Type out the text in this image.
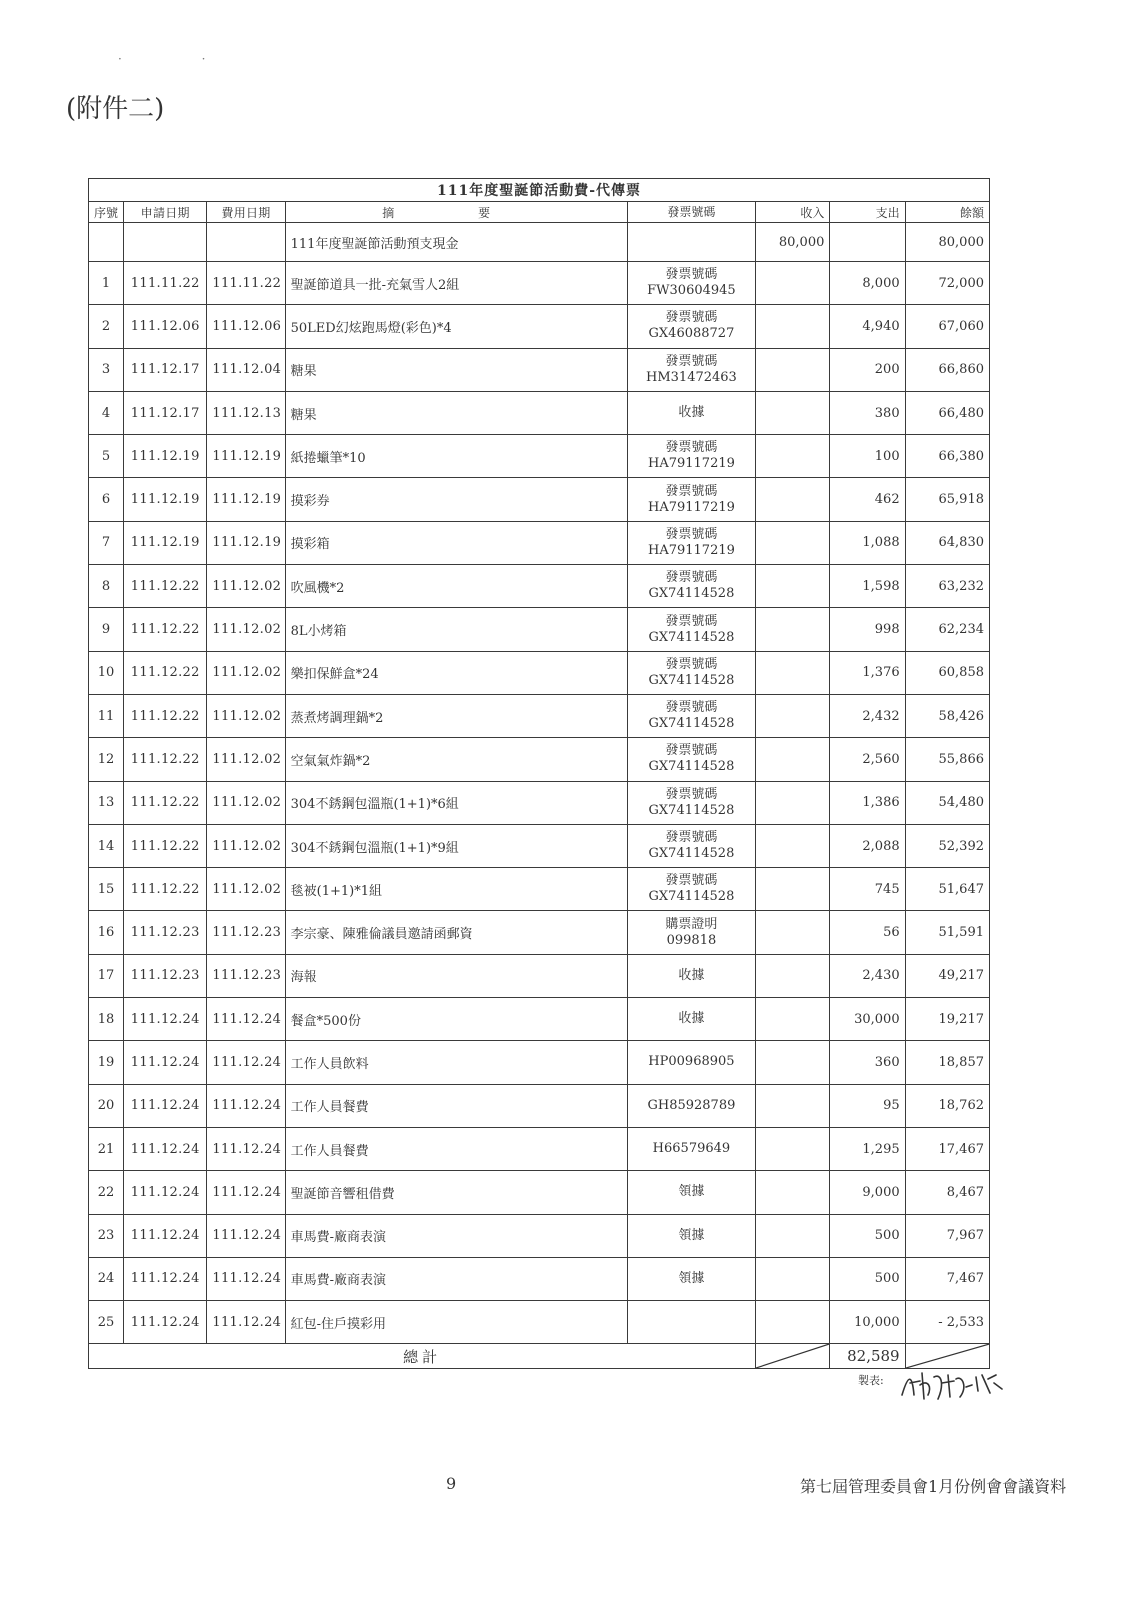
· ·
(附件二)
111年度聖誕節活動費-代傳票							
序號	申請日期	費用日期	摘 要	發票號碼	收入	支出	餘額
			111年度聖誕節活動預支現金		80,000		80,000
1	111.11.22	111.11.22	聖誕節道具一批-充氣雪人2組	發票號碼
FW30604945		8,000	72,000
2	111.12.06	111.12.06	50LED幻炫跑馬燈(彩色)*4	發票號碼
GX46088727		4,940	67,060
3	111.12.17	111.12.04	糖果	發票號碼
HM31472463		200	66,860
4	111.12.17	111.12.13	糖果	收據		380	66,480
5	111.12.19	111.12.19	紙捲蠟筆*10	發票號碼
HA79117219		100	66,380
6	111.12.19	111.12.19	摸彩券	發票號碼
HA79117219		462	65,918
7	111.12.19	111.12.19	摸彩箱	發票號碼
HA79117219		1,088	64,830
8	111.12.22	111.12.02	吹風機*2	發票號碼
GX74114528		1,598	63,232
9	111.12.22	111.12.02	8L小烤箱	發票號碼
GX74114528		998	62,234
10	111.12.22	111.12.02	樂扣保鮮盒*24	發票號碼
GX74114528		1,376	60,858
11	111.12.22	111.12.02	蒸煮烤調理鍋*2	發票號碼
GX74114528		2,432	58,426
12	111.12.22	111.12.02	空氣氣炸鍋*2	發票號碼
GX74114528		2,560	55,866
13	111.12.22	111.12.02	304不銹鋼包溫瓶(1+1)*6組	發票號碼
GX74114528		1,386	54,480
14	111.12.22	111.12.02	304不銹鋼包溫瓶(1+1)*9組	發票號碼
GX74114528		2,088	52,392
15	111.12.22	111.12.02	毯被(1+1)*1組	發票號碼
GX74114528		745	51,647
16	111.12.23	111.12.23	李宗豪、陳雅倫議員邀請函郵資	購票證明
099818		56	51,591
17	111.12.23	111.12.23	海報	收據		2,430	49,217
18	111.12.24	111.12.24	餐盒*500份	收據		30,000	19,217
19	111.12.24	111.12.24	工作人員飲料	HP00968905		360	18,857
20	111.12.24	111.12.24	工作人員餐費	GH85928789		95	18,762
21	111.12.24	111.12.24	工作人員餐費	H66579649		1,295	17,467
22	111.12.24	111.12.24	聖誕節音響租借費	領據		9,000	8,467
23	111.12.24	111.12.24	車馬費-廠商表演	領據		500	7,967
24	111.12.24	111.12.24	車馬費-廠商表演	領據		500	7,467
25	111.12.24	111.12.24	紅包-住戶摸彩用			10,000	- 2,533
總計						82,589	
製表:
9	第七屆管理委員會1月份例會會議資料
